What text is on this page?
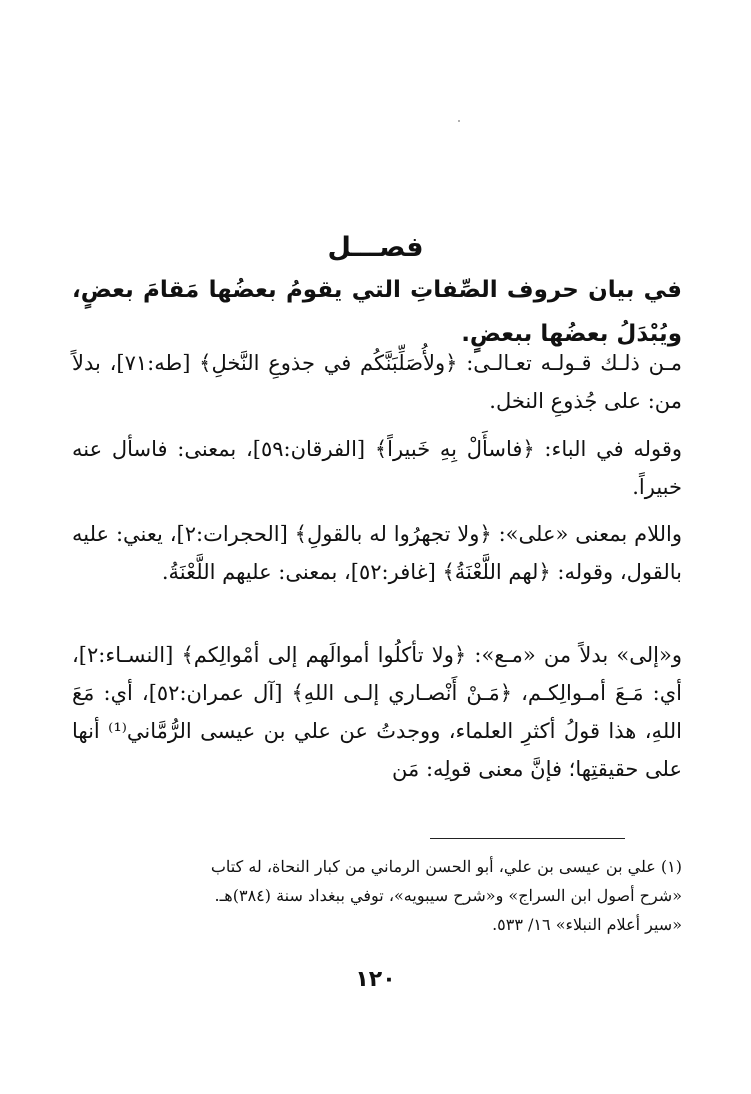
فصـــل
في بيان حروف الصِّفاتِ التي يقومُ بعضُها مَقامَ بعضٍ، ويُبْدَلُ بعضُها ببعضٍ.
مـن ذلـك قـولـه تعـالـى: ﴿ولأُصَلِّبَنَّكُم في جذوعِ النَّخلِ﴾ [طه:٧١]، بدلاً من: على جُذوعِ النخل.
وقوله في الباء: ﴿فاسأَلْ بِهِ خَبيراً﴾ [الفرقان:٥٩]، بمعنى: فاسأل عنه خبيراً.
واللام بمعنى «على»: ﴿ولا تجهرُوا له بالقولِ﴾ [الحجرات:٢]، يعني: عليه بالقول، وقوله: ﴿لهم اللَّعْنَةُ﴾ [غافر:٥٢]، بمعنى: عليهم اللَّعْنَةُ.
و«إلى» بدلاً من «مـع»: ﴿ولا تأكلُوا أموالَهم إلى أمْوالِكم﴾ [النسـاء:٢]، أي: مَـعَ أمـوالِكـم، ﴿مَـنْ أَنْصـاري إلـى اللهِ﴾ [آل عمران:٥٢]، أي: مَعَ اللهِ، هذا قولُ أكثرِ العلماء، ووجدتُ عن علي بن عيسى الرُّمَّاني⁽¹⁾ أنها على حقيقتِها؛ فإنَّ معنى قولِه: مَن
(١) علي بن عيسى بن علي، أبو الحسن الرماني من كبار النحاة، له كتاب
«شرح أصول ابن السراج» و«شرح سيبويه»، توفي ببغداد سنة (٣٨٤)هـ.
«سير أعلام النبلاء» ١٦/ ٥٣٣.
١٢٠
